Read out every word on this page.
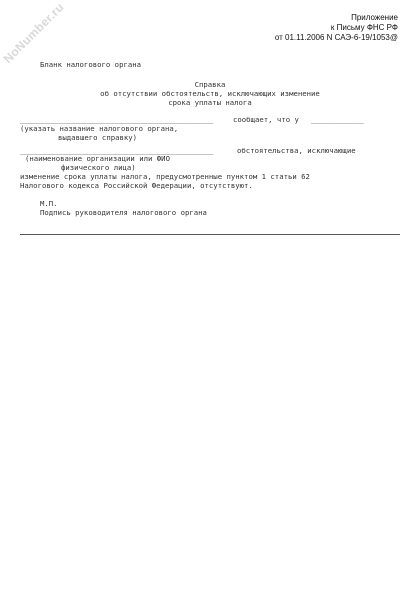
NoNumber.ru	Приложение
к Письму ФНС РФ
от 01.11.2006 N САЭ-6-19/1053@
Бланк налогового органа
Справка
об отсутствии обстоятельств, исключающих изменение
срока уплаты налога
____________________________________________	сообщает, что у ____________
(указать название налогового органа,
выдавшего справку)
____________________________________________	обстоятельства, исключающие
(наименование организации или ФИО
физического лица)
изменение срока уплаты налога, предусмотренные пунктом 1 статьи 62
Налогового кодекса Российской Федерации, отсутствуют.
М.П.
Подпись руководителя налогового органа
